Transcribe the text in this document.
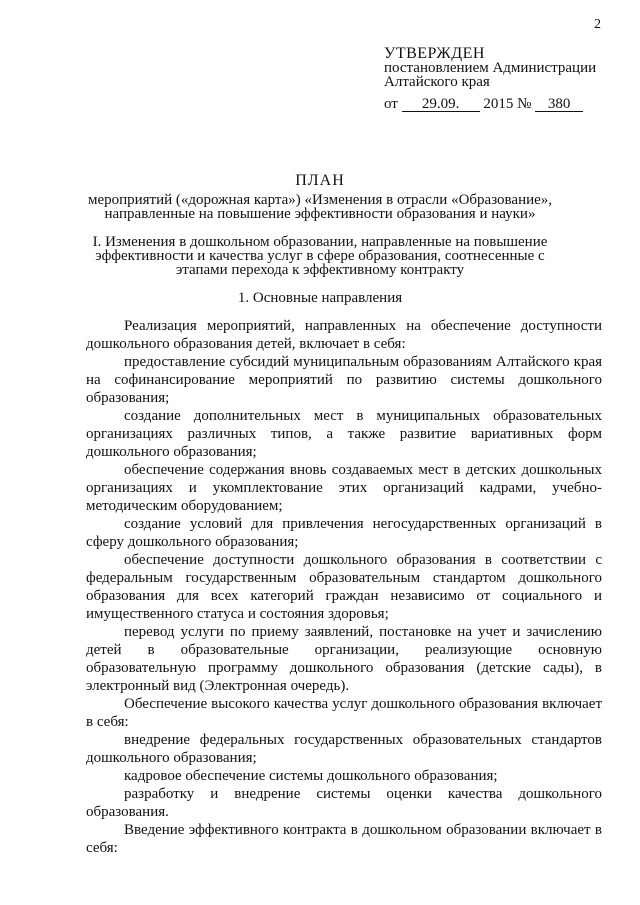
2
УТВЕРЖДЕН
постановлением Администрации
Алтайского края
от 29.09. 2015 № 380
ПЛАН
мероприятий («дорожная карта») «Изменения в отрасли «Образование»,
направленные на повышение эффективности образования и науки»
I. Изменения в дошкольном образовании, направленные на повышение
эффективности и качества услуг в сфере образования, соотнесенные с
этапами перехода к эффективному контракту
1. Основные направления

Реализация мероприятий, направленных на обеспечение доступности дошкольного образования детей, включает в себя:

предоставление субсидий муниципальным образованиям Алтайского края на софинансирование мероприятий по развитию системы дошкольного образования;

создание дополнительных мест в муниципальных образовательных организациях различных типов, а также развитие вариативных форм дошкольного образования;

обеспечение содержания вновь создаваемых мест в детских дошкольных организациях и укомплектование этих организаций кадрами, учебно-методическим оборудованием;

создание условий для привлечения негосударственных организаций в сферу дошкольного образования;

обеспечение доступности дошкольного образования в соответствии с федеральным государственным образовательным стандартом дошкольного образования для всех категорий граждан независимо от социального и имущественного статуса и состояния здоровья;

перевод услуги по приему заявлений, постановке на учет и зачислению детей в образовательные организации, реализующие основную образовательную программу дошкольного образования (детские сады), в электронный вид (Электронная очередь).

Обеспечение высокого качества услуг дошкольного образования включает в себя:

внедрение федеральных государственных образовательных стандартов дошкольного образования;

кадровое обеспечение системы дошкольного образования;

разработку и внедрение системы оценки качества дошкольного образования.

Введение эффективного контракта в дошкольном образовании включает в себя:
